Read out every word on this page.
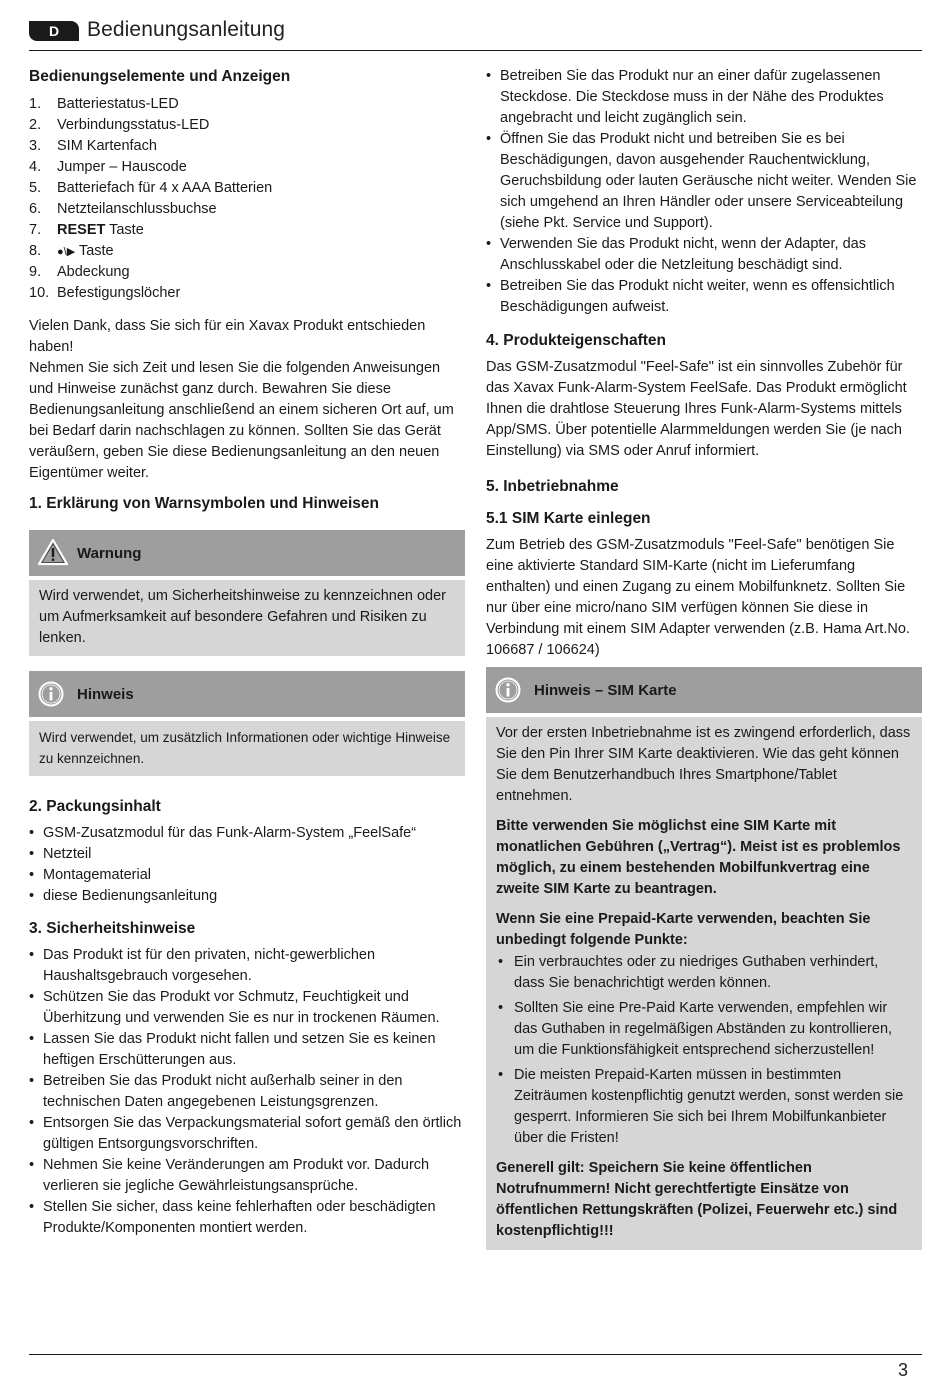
D	Bedienungsanleitung
Bedienungselemente und Anzeigen
1.	Batteriestatus-LED
2.	Verbindungsstatus-LED
3.	SIM Kartenfach
4.	Jumper – Hauscode
5.	Batteriefach für 4 x AAA Batterien
6.	Netzteilanschlussbuchse
7.	RESET Taste
8.	●\▶ Taste
9.	Abdeckung
10. Befestigungslöcher

Vielen Dank, dass Sie sich für ein Xavax Produkt entschieden haben!

Nehmen Sie sich Zeit und lesen Sie die folgenden Anweisungen und Hinweise zunächst ganz durch. Bewahren Sie diese Bedienungsanleitung anschließend an einem sicheren Ort auf, um bei Bedarf darin nachschlagen zu können. Sollten Sie das Gerät veräußern, geben Sie diese Bedienungsanleitung an den neuen Eigentümer weiter.

1. Erklärung von Warnsymbolen und Hinweisen
Warnung

Wird verwendet, um Sicherheitshinweise zu kennzeichnen oder um Aufmerksamkeit auf besondere Gefahren und Risiken zu lenken.

Hinweis

Wird verwendet, um zusätzlich Informationen oder wichtige Hinweise zu kennzeichnen.

2. Packungsinhalt
• GSM-Zusatzmodul für das Funk-Alarm-System „FeelSafe“
• Netzteil
• Montagematerial
• diese Bedienungsanleitung
3. Sicherheitshinweise
• Das Produkt ist für den privaten, nicht-gewerblichen Haushaltsgebrauch vorgesehen.
• Schützen Sie das Produkt vor Schmutz, Feuchtigkeit und Überhitzung und verwenden Sie es nur in trockenen Räumen.
• Lassen Sie das Produkt nicht fallen und setzen Sie es keinen heftigen Erschütterungen aus.
• Betreiben Sie das Produkt nicht außerhalb seiner in den technischen Daten angegebenen Leistungsgrenzen.
• Entsorgen Sie das Verpackungsmaterial sofort gemäß den örtlich gültigen Entsorgungsvorschriften.
• Nehmen Sie keine Veränderungen am Produkt vor. Dadurch verlieren sie jegliche Gewährleistungsansprüche.
• Stellen Sie sicher, dass keine fehlerhaften oder beschädigten Produkte/Komponenten montiert werden.
• Betreiben Sie das Produkt nur an einer dafür zugelassenen Steckdose. Die Steckdose muss in der Nähe des Produktes angebracht und leicht zugänglich sein.
• Öffnen Sie das Produkt nicht und betreiben Sie es bei Beschädigungen, davon ausgehender Rauchentwicklung, Geruchsbildung oder lauten Geräusche nicht weiter. Wenden Sie sich umgehend an Ihren Händler oder unsere Serviceabteilung (siehe Pkt. Service und Support).
• Verwenden Sie das Produkt nicht, wenn der Adapter, das Anschlusskabel oder die Netzleitung beschädigt sind.
• Betreiben Sie das Produkt nicht weiter, wenn es offensichtlich Beschädigungen aufweist.
4. Produkteigenschaften

Das GSM-Zusatzmodul "Feel-Safe" ist ein sinnvolles Zubehör für das Xavax Funk-Alarm-System FeelSafe. Das Produkt ermöglicht Ihnen die drahtlose Steuerung Ihres Funk-Alarm-Systems mittels App/SMS. Über potentielle Alarmmeldungen werden Sie (je nach Einstellung) via SMS oder Anruf informiert.

5. Inbetriebnahme
5.1 SIM Karte einlegen

Zum Betrieb des GSM-Zusatzmoduls "Feel-Safe" benötigen Sie eine aktivierte Standard SIM-Karte (nicht im Lieferumfang enthalten) und einen Zugang zu einem Mobilfunknetz. Sollten Sie nur über eine micro/nano SIM verfügen können Sie diese in Verbindung mit einem SIM Adapter verwenden (z.B. Hama Art.No. 106687 / 106624)

Hinweis – SIM Karte

Vor der ersten Inbetriebnahme ist es zwingend erforderlich, dass Sie den Pin Ihrer SIM Karte deaktivieren. Wie das geht können Sie dem Benutzerhandbuch Ihres Smartphone/Tablet entnehmen.

Bitte verwenden Sie möglichst eine SIM Karte mit monatlichen Gebühren („Vertrag“). Meist ist es problemlos möglich, zu einem bestehenden Mobilfunkvertrag eine zweite SIM Karte zu beantragen.

Wenn Sie eine Prepaid-Karte verwenden, beachten Sie unbedingt folgende Punkte:

• Ein verbrauchtes oder zu niedriges Guthaben verhindert, dass Sie benachrichtigt werden können.
• Sollten Sie eine Pre-Paid Karte verwenden, empfehlen wir das Guthaben in regelmäßigen Abständen zu kontrollieren, um die Funktionsfähigkeit entsprechend sicherzustellen!
• Die meisten Prepaid-Karten müssen in bestimmten Zeiträumen kostenpflichtig genutzt werden, sonst werden sie gesperrt. Informieren Sie sich bei Ihrem Mobilfunkanbieter über die Fristen!

Generell gilt: Speichern Sie keine öffentlichen Notrufnummern! Nicht gerechtfertigte Einsätze von öffentlichen Rettungskräften (Polizei, Feuerwehr etc.) sind kostenpflichtig!!!

3
